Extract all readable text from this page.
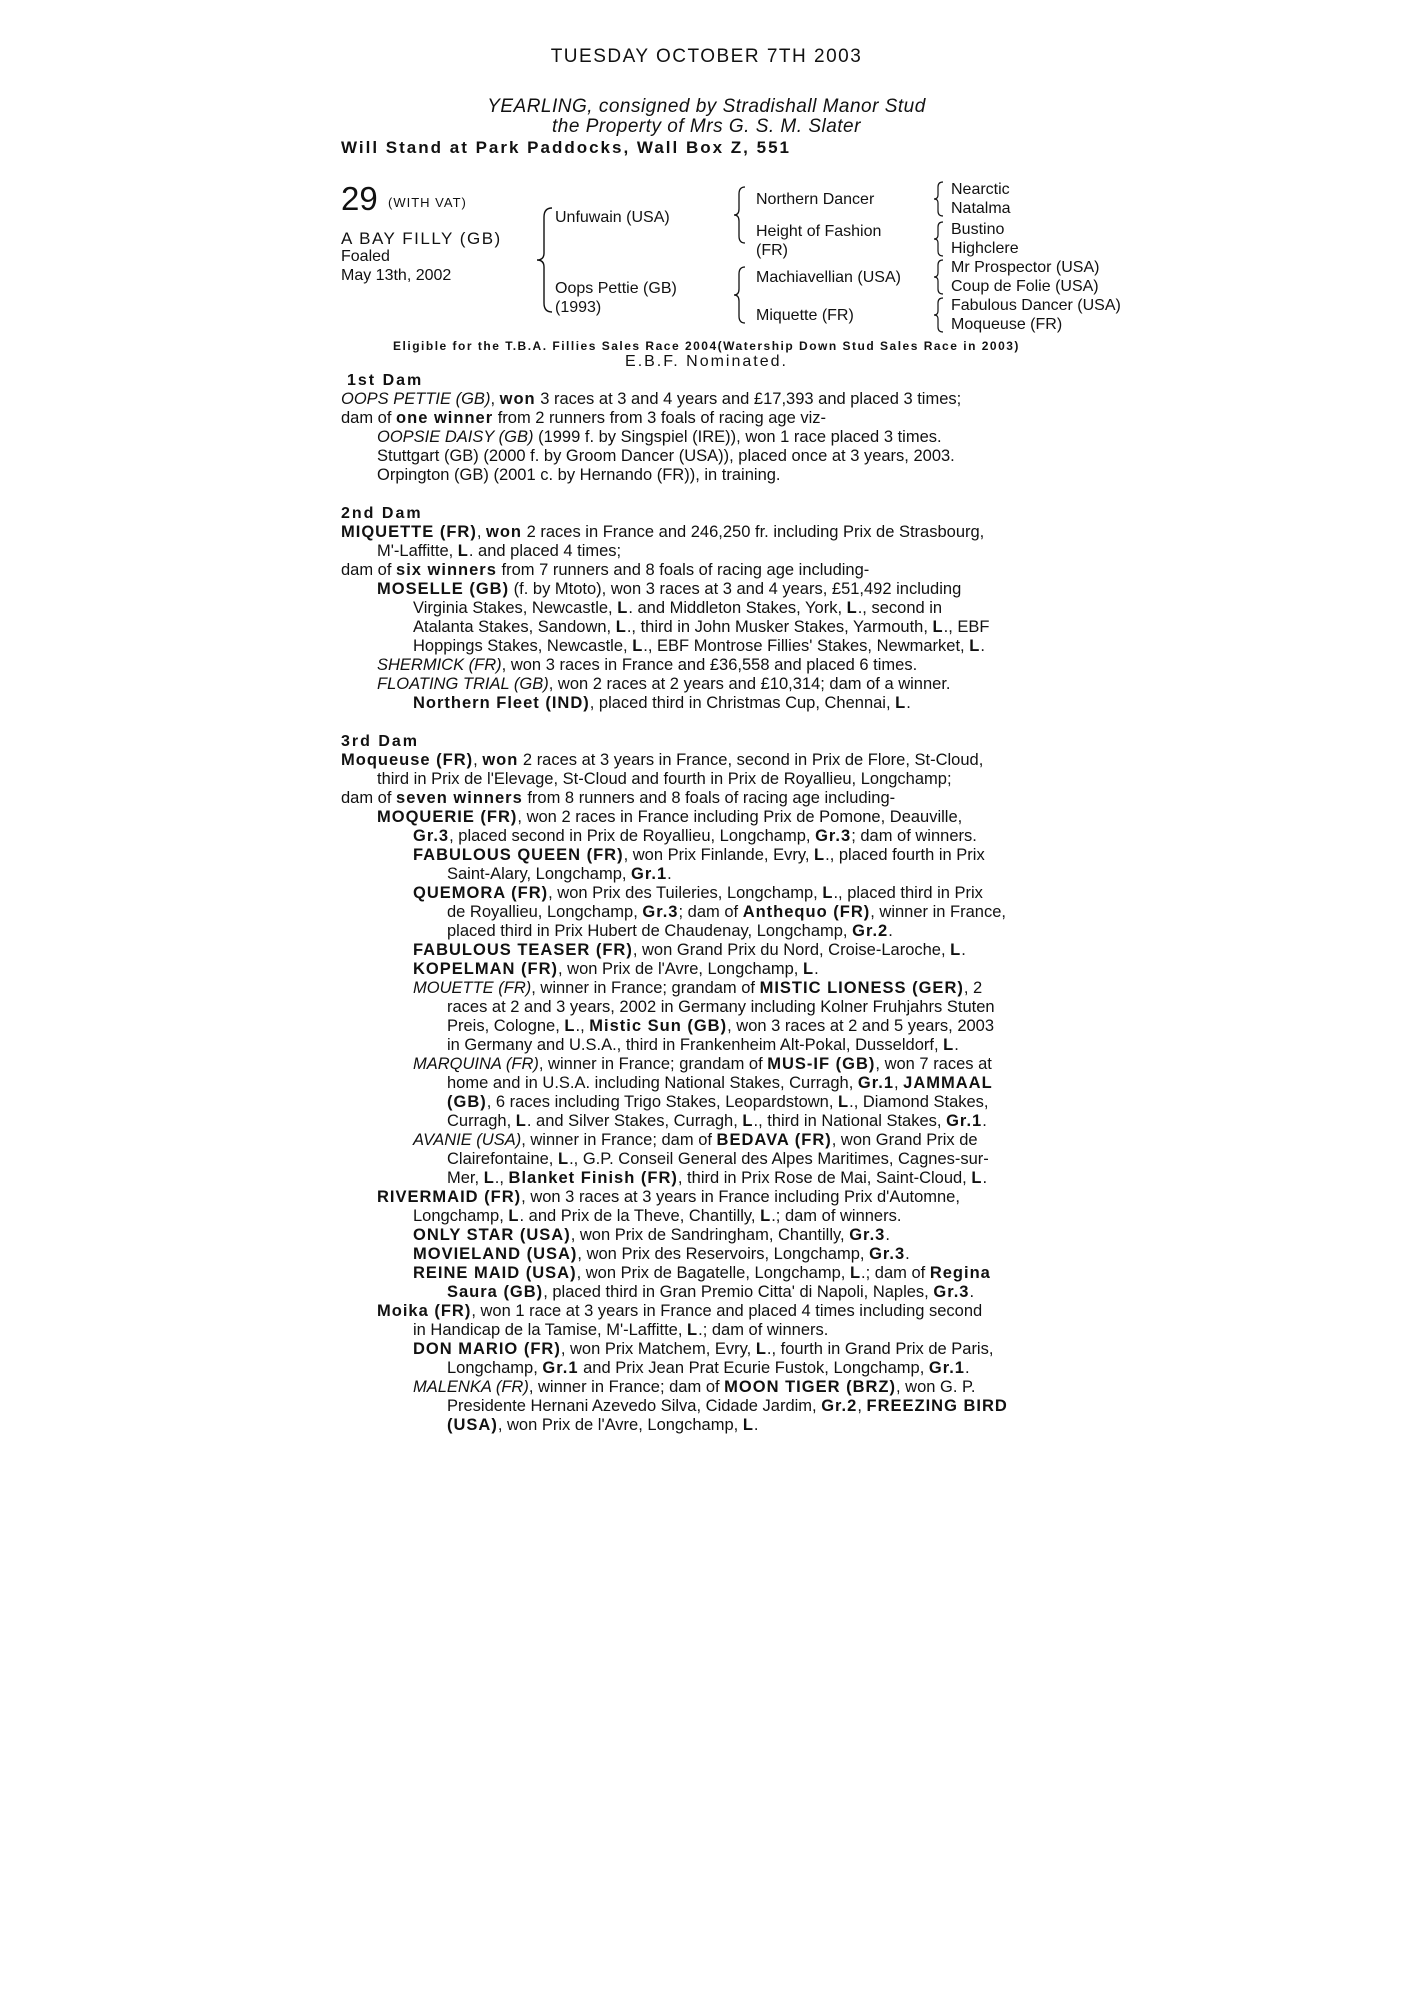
TUESDAY OCTOBER 7TH 2003
YEARLING, consigned by Stradishall Manor Stud
the Property of Mrs G. S. M. Slater
Will Stand at Park Paddocks, Wall Box Z, 551
29 (WITH VAT)
A BAY FILLY (GB)
Foaled
May 13th, 2002
Unfuwain (USA)
Oops Pettie (GB)
(1993)
Northern Dancer
Height of Fashion
(FR)
Machiavellian (USA)
Miquette (FR)
Nearctic
Natalma
Bustino
Highclere
Mr Prospector (USA)
Coup de Folie (USA)
Fabulous Dancer (USA)
Moqueuse (FR)
Eligible for the T.B.A. Fillies Sales Race 2004(Watership Down Stud Sales Race in 2003)
E.B.F. Nominated.
1st Dam
OOPS PETTIE (GB), won 3 races at 3 and 4 years and £17,393 and placed 3 times;
dam of one winner from 2 runners from 3 foals of racing age viz-
OOPSIE DAISY (GB) (1999 f. by Singspiel (IRE)), won 1 race placed 3 times.
Stuttgart (GB) (2000 f. by Groom Dancer (USA)), placed once at 3 years, 2003.
Orpington (GB) (2001 c. by Hernando (FR)), in training.
2nd Dam
MIQUETTE (FR), won 2 races in France and 246,250 fr. including Prix de Strasbourg,
M'-Laffitte, L. and placed 4 times;
dam of six winners from 7 runners and 8 foals of racing age including-
MOSELLE (GB) (f. by Mtoto), won 3 races at 3 and 4 years, £51,492 including
Virginia Stakes, Newcastle, L. and Middleton Stakes, York, L., second in
Atalanta Stakes, Sandown, L., third in John Musker Stakes, Yarmouth, L., EBF
Hoppings Stakes, Newcastle, L., EBF Montrose Fillies' Stakes, Newmarket, L.
SHERMICK (FR), won 3 races in France and £36,558 and placed 6 times.
FLOATING TRIAL (GB), won 2 races at 2 years and £10,314; dam of a winner.
Northern Fleet (IND), placed third in Christmas Cup, Chennai, L.
3rd Dam
Moqueuse (FR), won 2 races at 3 years in France, second in Prix de Flore, St-Cloud,
third in Prix de l'Elevage, St-Cloud and fourth in Prix de Royallieu, Longchamp;
dam of seven winners from 8 runners and 8 foals of racing age including-
MOQUERIE (FR), won 2 races in France including Prix de Pomone, Deauville,
Gr.3, placed second in Prix de Royallieu, Longchamp, Gr.3; dam of winners.
FABULOUS QUEEN (FR), won Prix Finlande, Evry, L., placed fourth in Prix
Saint-Alary, Longchamp, Gr.1.
QUEMORA (FR), won Prix des Tuileries, Longchamp, L., placed third in Prix
de Royallieu, Longchamp, Gr.3; dam of Anthequo (FR), winner in France,
placed third in Prix Hubert de Chaudenay, Longchamp, Gr.2.
FABULOUS TEASER (FR), won Grand Prix du Nord, Croise-Laroche, L.
KOPELMAN (FR), won Prix de l'Avre, Longchamp, L.
MOUETTE (FR), winner in France; grandam of MISTIC LIONESS (GER), 2
races at 2 and 3 years, 2002 in Germany including Kolner Fruhjahrs Stuten
Preis, Cologne, L., Mistic Sun (GB), won 3 races at 2 and 5 years, 2003
in Germany and U.S.A., third in Frankenheim Alt-Pokal, Dusseldorf, L.
MARQUINA (FR), winner in France; grandam of MUS-IF (GB), won 7 races at
home and in U.S.A. including National Stakes, Curragh, Gr.1, JAMMAAL
(GB), 6 races including Trigo Stakes, Leopardstown, L., Diamond Stakes,
Curragh, L. and Silver Stakes, Curragh, L., third in National Stakes, Gr.1.
AVANIE (USA), winner in France; dam of BEDAVA (FR), won Grand Prix de
Clairefontaine, L., G.P. Conseil General des Alpes Maritimes, Cagnes-sur-
Mer, L., Blanket Finish (FR), third in Prix Rose de Mai, Saint-Cloud, L.
RIVERMAID (FR), won 3 races at 3 years in France including Prix d'Automne,
Longchamp, L. and Prix de la Theve, Chantilly, L.; dam of winners.
ONLY STAR (USA), won Prix de Sandringham, Chantilly, Gr.3.
MOVIELAND (USA), won Prix des Reservoirs, Longchamp, Gr.3.
REINE MAID (USA), won Prix de Bagatelle, Longchamp, L.; dam of Regina
Saura (GB), placed third in Gran Premio Citta' di Napoli, Naples, Gr.3.
Moika (FR), won 1 race at 3 years in France and placed 4 times including second
in Handicap de la Tamise, M'-Laffitte, L.; dam of winners.
DON MARIO (FR), won Prix Matchem, Evry, L., fourth in Grand Prix de Paris,
Longchamp, Gr.1 and Prix Jean Prat Ecurie Fustok, Longchamp, Gr.1.
MALENKA (FR), winner in France; dam of MOON TIGER (BRZ), won G. P.
Presidente Hernani Azevedo Silva, Cidade Jardim, Gr.2, FREEZING BIRD
(USA), won Prix de l'Avre, Longchamp, L.
